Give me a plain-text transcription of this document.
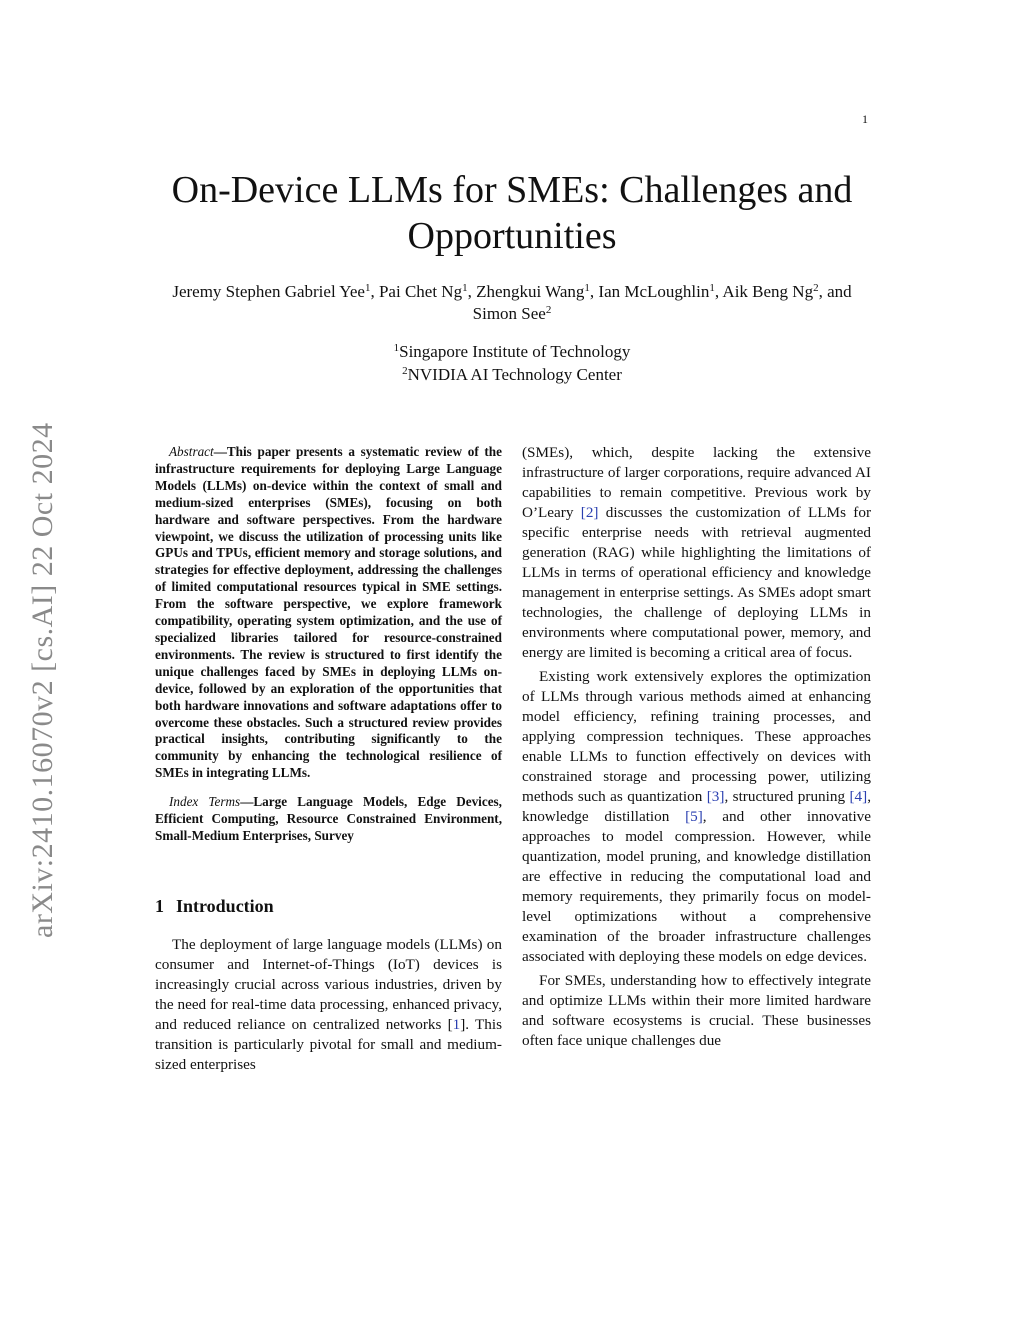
1
arXiv:2410.16070v2 [cs.AI] 22 Oct 2024
On-Device LLMs for SMEs: Challenges and Opportunities
Jeremy Stephen Gabriel Yee$^1$, Pai Chet Ng$^1$, Zhengkui Wang$^1$, Ian McLoughlin$^1$, Aik Beng Ng$^2$, and Simon See$^2$
$^1$Singapore Institute of Technology
$^2$NVIDIA AI Technology Center

Abstract—This paper presents a systematic review of the infrastructure requirements for deploying Large Language Models (LLMs) on-device within the context of small and medium-sized enterprises (SMEs), focusing on both hardware and software perspectives. From the hardware viewpoint, we discuss the utilization of processing units like GPUs and TPUs, efficient memory and storage solutions, and strategies for effective deployment, addressing the challenges of limited computational resources typical in SME settings. From the software perspective, we explore framework compatibility, operating system optimization, and the use of specialized libraries tailored for resource-constrained environments. The review is structured to first identify the unique challenges faced by SMEs in deploying LLMs on-device, followed by an exploration of the opportunities that both hardware innovations and software adaptations offer to overcome these obstacles. Such a structured review provides practical insights, contributing significantly to the community by enhancing the technological resilience of SMEs in integrating LLMs.

Index Terms—Large Language Models, Edge Devices, Efficient Computing, Resource Constrained Environment, Small-Medium Enterprises, Survey

1 Introduction

The deployment of large language models (LLMs) on consumer and Internet-of-Things (IoT) devices is increasingly crucial across various industries, driven by the need for real-time data processing, enhanced privacy, and reduced reliance on centralized networks [1]. This transition is particularly pivotal for small and medium-sized enterprises

(SMEs), which, despite lacking the extensive infrastructure of larger corporations, require advanced AI capabilities to remain competitive. Previous work by O’Leary [2] discusses the customization of LLMs for specific enterprise needs with retrieval augmented generation (RAG) while highlighting the limitations of LLMs in terms of operational efficiency and knowledge management in enterprise settings. As SMEs adopt smart technologies, the challenge of deploying LLMs in environments where computational power, memory, and energy are limited is becoming a critical area of focus.

Existing work extensively explores the optimization of LLMs through various methods aimed at enhancing model efficiency, refining training processes, and applying compression techniques. These approaches enable LLMs to function effectively on devices with constrained storage and processing power, utilizing methods such as quantization [3], structured pruning [4], knowledge distillation [5], and other innovative approaches to model compression. However, while quantization, model pruning, and knowledge distillation are effective in reducing the computational load and memory requirements, they primarily focus on model-level optimizations without a comprehensive examination of the broader infrastructure challenges associated with deploying these models on edge devices.

For SMEs, understanding how to effectively integrate and optimize LLMs within their more limited hardware and software ecosystems is crucial. These businesses often face unique challenges due
